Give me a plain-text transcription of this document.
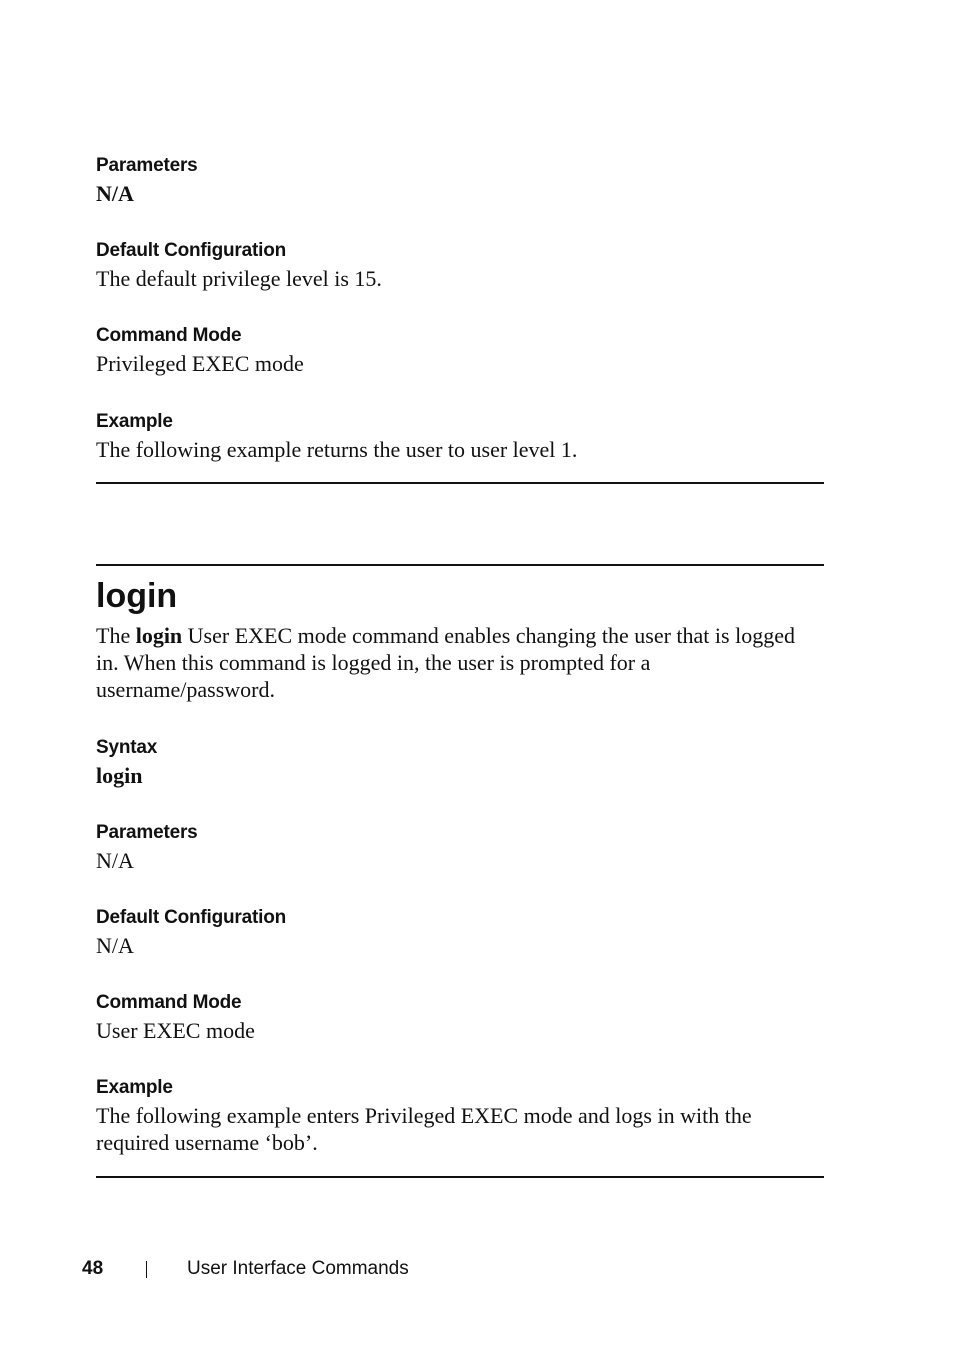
Parameters
N/A
Default Configuration
The default privilege level is 15.
Command Mode
Privileged EXEC mode
Example
The following example returns the user to user level 1.
login
The login User EXEC mode command enables changing the user that is logged in. When this command is logged in, the user is prompted for a username/password.
Syntax
login
Parameters
N/A
Default Configuration
N/A
Command Mode
User EXEC mode
Example
The following example enters Privileged EXEC mode and logs in with the required username ‘bob’.
48	User Interface Commands
